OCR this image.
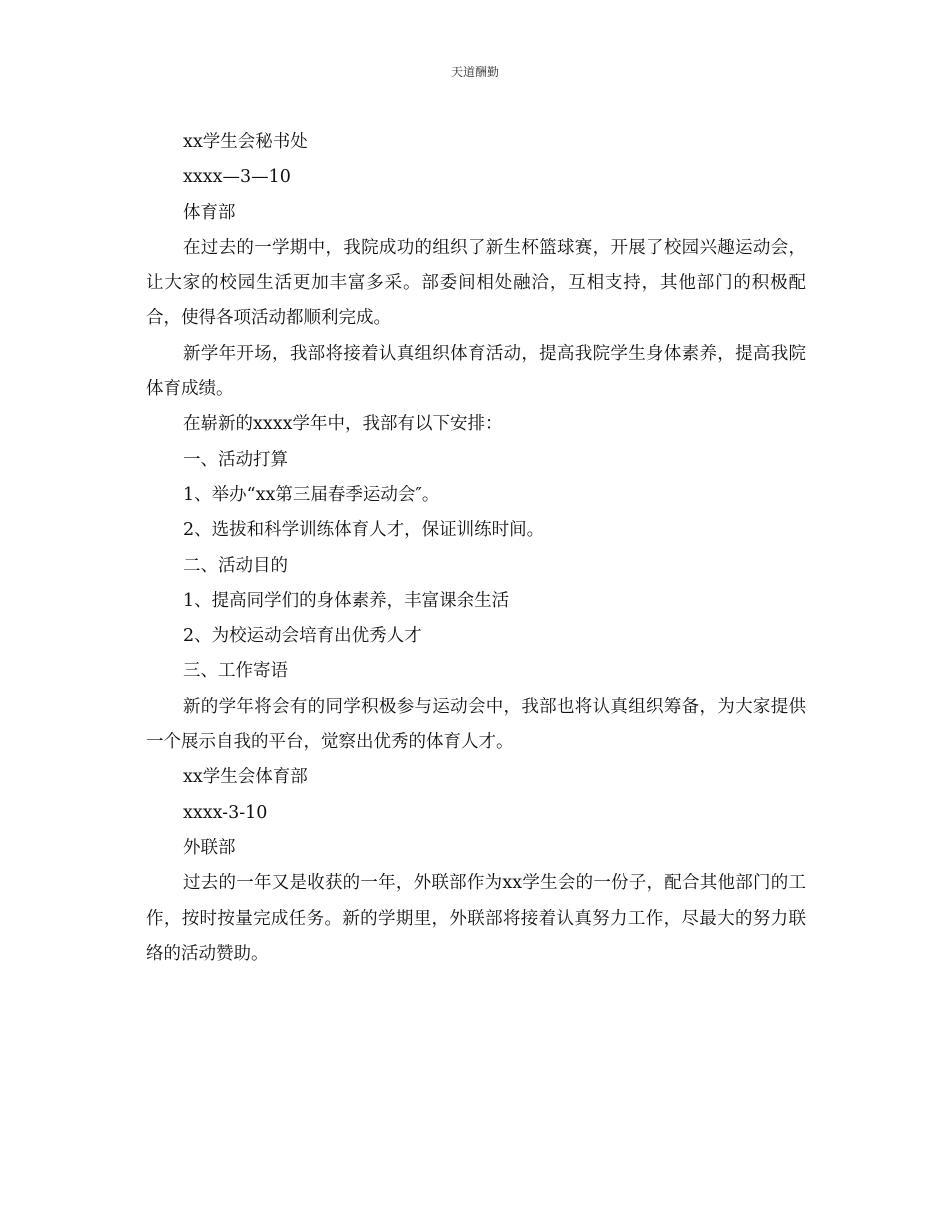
天道酬勤

xx学生会秘书处

xxxx—3—10

体育部

在过去的一学期中，我院成功的组织了新生杯篮球赛，开展了校园兴趣运动会，让大家的校园生活更加丰富多采。部委间相处融洽，互相支持，其他部门的积极配合，使得各项活动都顺利完成。

新学年开场，我部将接着认真组织体育活动，提高我院学生身体素养，提高我院体育成绩。

在崭新的xxxx学年中，我部有以下安排：

一、活动打算

1、举办“xx第三届春季运动会″。

2、选拔和科学训练体育人才，保证训练时间。

二、活动目的

1、提高同学们的身体素养，丰富课余生活

2、为校运动会培育出优秀人才

三、工作寄语

新的学年将会有的同学积极参与运动会中，我部也将认真组织筹备，为大家提供一个展示自我的平台，觉察出优秀的体育人才。

xx学生会体育部

xxxx-3-10

外联部

过去的一年又是收获的一年，外联部作为xx学生会的一份子，配合其他部门的工作，按时按量完成任务。新的学期里，外联部将接着认真努力工作，尽最大的努力联络的活动赞助。
